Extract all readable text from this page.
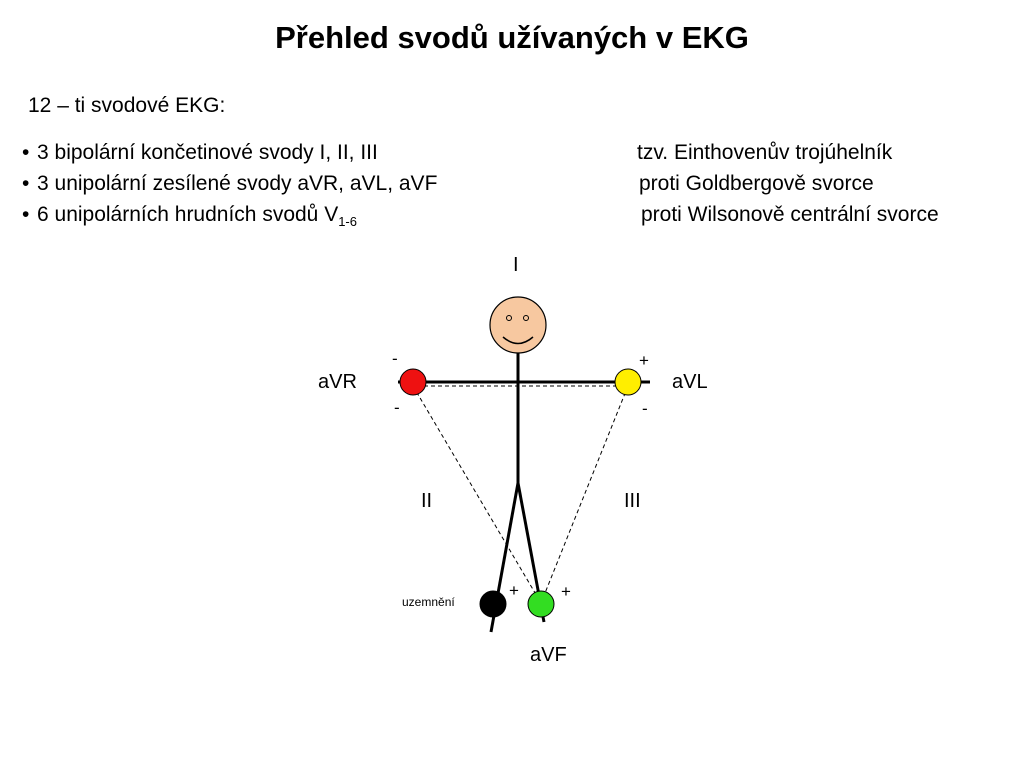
Přehled svodů užívaných v EKG
12 – ti svodové EKG:
• 3 bipolární končetinové svody I, II, III	tzv. Einthovenův trojúhelník
• 3 unipolární zesílené svody aVR, aVL, aVF	proti Goldbergově svorce
• 6 unipolárních hrudních svodů $V_{1-6}$	proti Wilsonově centrální svorce
I
II	III
aVR	aVL
aVF
uzemnění
-
-
+
-
+ +
